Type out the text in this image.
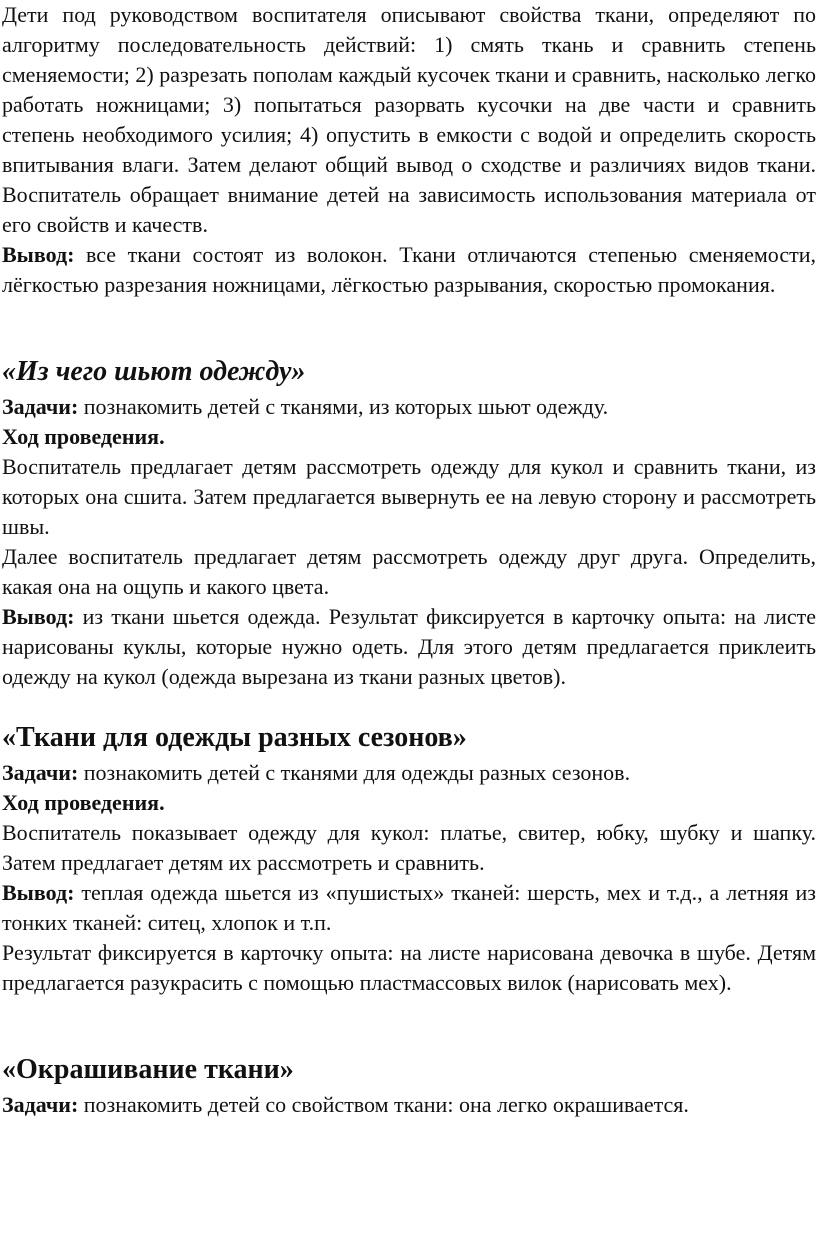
Дети под руководством воспитателя описывают свойства ткани, определяют по алгоритму последовательность действий: 1) смять ткань и сравнить степень сменяемости; 2) разрезать пополам каждый кусочек ткани и сравнить, насколько легко работать ножницами; 3) попытаться разорвать кусочки на две части и сравнить степень необходимого усилия; 4) опустить в емкости с водой и определить скорость впитывания влаги. Затем делают общий вывод о сходстве и различиях видов ткани. Воспитатель обращает внимание детей на зависимость использования материала от его свойств и качеств.

Вывод: все ткани состоят из волокон. Ткани отличаются степенью сменяемости, лёгкостью разрезания ножницами, лёгкостью разрывания, скоростью промокания.

«Из чего шьют одежду»

Задачи: познакомить детей с тканями, из которых шьют одежду.

Ход проведения.

Воспитатель предлагает детям рассмотреть одежду для кукол и сравнить ткани, из которых она сшита. Затем предлагается вывернуть ее на левую сторону и рассмотреть швы.

Далее воспитатель предлагает детям рассмотреть одежду друг друга. Определить, какая она на ощупь и какого цвета.

Вывод: из ткани шьется одежда. Результат фиксируется в карточку опыта: на листе нарисованы куклы, которые нужно одеть. Для этого детям предлагается приклеить одежду на кукол (одежда вырезана из ткани разных цветов).

«Ткани для одежды разных сезонов»

Задачи: познакомить детей с тканями для одежды разных сезонов.

Ход проведения.

Воспитатель показывает одежду для кукол: платье, свитер, юбку, шубку и шапку. Затем предлагает детям их рассмотреть и сравнить.

Вывод: теплая одежда шьется из «пушистых» тканей: шерсть, мех и т.д., а летняя из тонких тканей: ситец, хлопок и т.п.

Результат фиксируется в карточку опыта: на листе нарисована девочка в шубе. Детям предлагается разукрасить с помощью пластмассовых вилок (нарисовать мех).

«Окрашивание ткани»

Задачи: познакомить детей со свойством ткани: она легко окрашивается.
